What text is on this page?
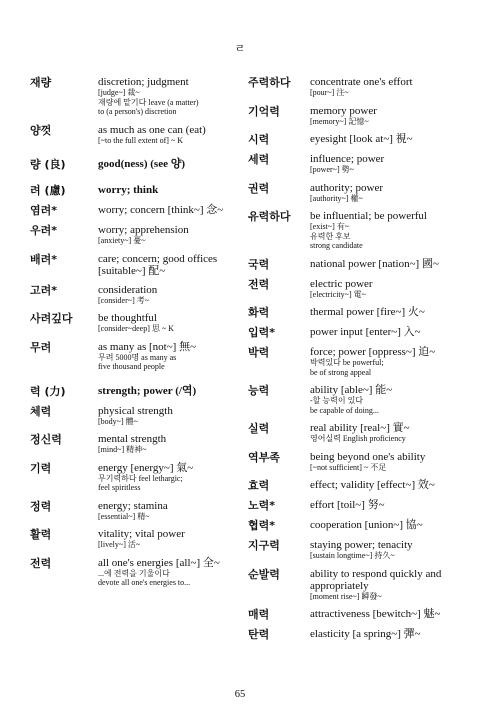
ㄹ
재량	discretion; judgment
[judge~] 裁~
재량에 맡기다 leave (a matter)
to (a person's) discretion
양껏	as much as one can (eat)
[~to the full extent of] ~ K
량 (良)	good(ness) (see 양)
려 (慮)	worry; think
염려*	worry; concern [think~] 念~
우려*	worry; apprehension
[anxiety~] 憂~
배려*	care; concern; good offices [suitable~] 配~
고려*	consideration
[consider~] 考~
사려깊다	be thoughtful
[consider~deep] 思 ~ K
무려	as many as [not~] 無~
무려 5000명 as many as
five thousand people
력 (力)	strength; power (/역)
체력	physical strength
[body~] 體~
정신력	mental strength
[mind~] 精神~
기력	energy [energy~] 氣~
무기력하다 feel lethargic;
feel spiritless
정력	energy; stamina
[essential~] 精~
활력	vitality; vital power
[lively~] 活~
전력	all one's energies [all~] 全~
...에 전력을 기울이다
devote all one's energies to...
주력하다	concentrate one's effort
[pour~] 注~
기억력	memory power
[memory~] 記憶~
시력	eyesight [look at~] 視~
세력	influence; power
[power~] 勢~
권력	authority; power
[authority~] 權~
유력하다	be influential; be powerful
[exist~] 有~
유력한 후보
strong candidate
국력	national power [nation~] 國~
전력	electric power
[electricity~] 電~
화력	thermal power [fire~] 火~
입력*	power input [enter~] 入~
박력	force; power [oppress~] 迫~
박력있다 be powerful;
be of strong appeal
능력	ability [able~] 能~
-할 능력이 있다
be capable of doing...
실력	real ability [real~] 實~
영어실력 English proficiency
역부족	being beyond one's ability
[~not sufficient] ~ 不足
효력	effect; validity [effect~] 效~
노력*	effort [toil~] 努~
협력*	cooperation [union~] 協~
지구력	staying power; tenacity
[sustain longtime~] 持久~
순발력	ability to respond quickly and appropriately
[moment rise~] 瞬發~
매력	attractiveness [bewitch~] 魅~
탄력	elasticity [a spring~] 彈~
65
